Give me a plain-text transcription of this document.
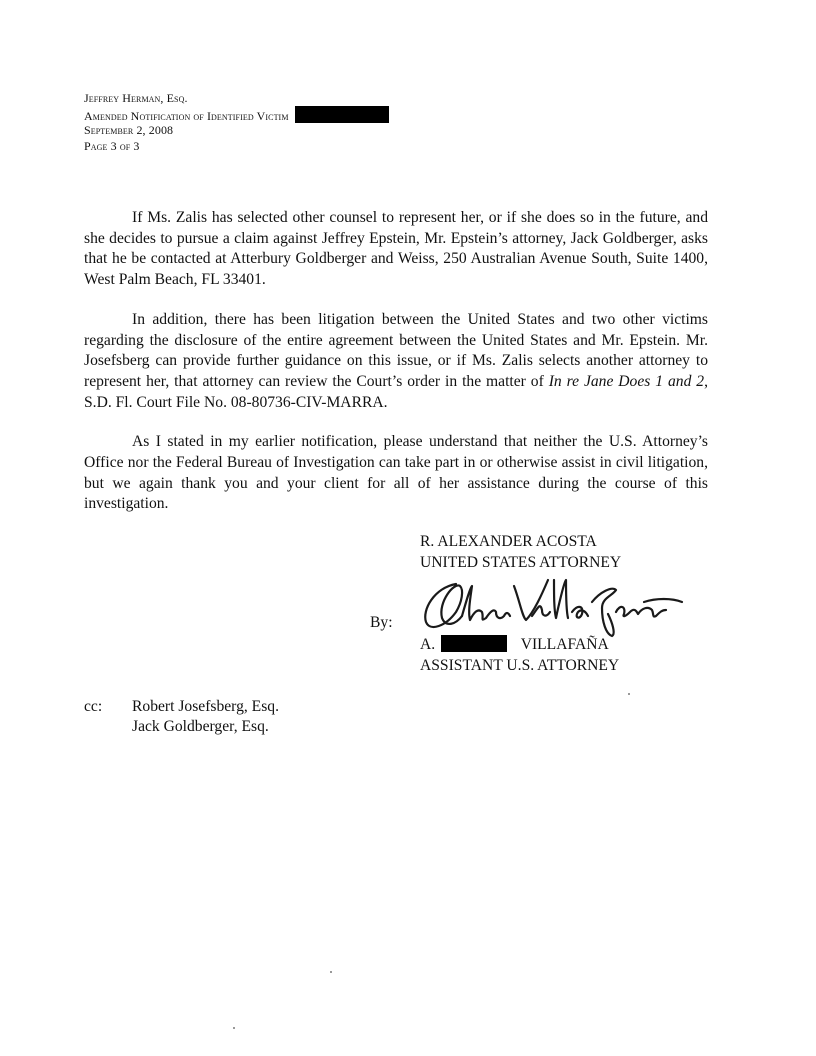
Jeffrey Herman, Esq.
Amended Notification of Identified Victim
September 2, 2008
Page 3 of 3

If Ms. Zalis has selected other counsel to represent her, or if she does so in the future, and she decides to pursue a claim against Jeffrey Epstein, Mr. Epstein’s attorney, Jack Goldberger, asks that he be contacted at Atterbury Goldberger and Weiss, 250 Australian Avenue South, Suite 1400, West Palm Beach, FL 33401.

In addition, there has been litigation between the United States and two other victims regarding the disclosure of the entire agreement between the United States and Mr. Epstein. Mr. Josefsberg can provide further guidance on this issue, or if Ms. Zalis selects another attorney to represent her, that attorney can review the Court’s order in the matter of In re Jane Does 1 and 2, S.D. Fl. Court File No. 08-80736-CIV-MARRA.

As I stated in my earlier notification, please understand that neither the U.S. Attorney’s Office nor the Federal Bureau of Investigation can take part in or otherwise assist in civil litigation, but we again thank you and your client for all of her assistance during the course of this investigation.

R. ALEXANDER ACOSTA
UNITED STATES ATTORNEY
By:
A.	VILLAFAÑA
ASSISTANT U.S. ATTORNEY
cc: Robert Josefsberg, Esq.
Jack Goldberger, Esq.
